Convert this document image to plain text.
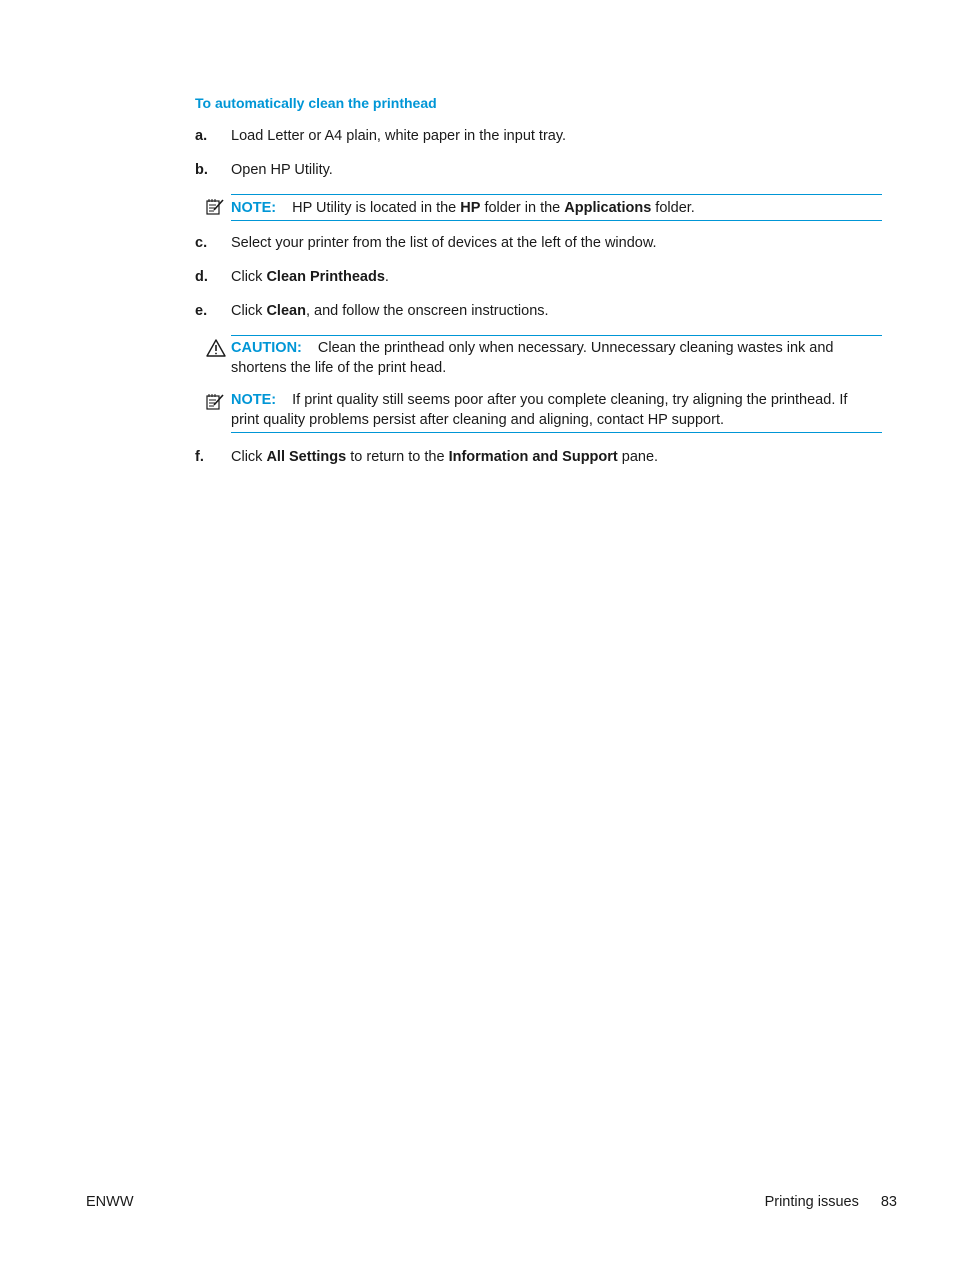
To automatically clean the printhead
a. Load Letter or A4 plain, white paper in the input tray.
b. Open HP Utility.
NOTE: HP Utility is located in the HP folder in the Applications folder.
c. Select your printer from the list of devices at the left of the window.
d. Click Clean Printheads.
e. Click Clean, and follow the onscreen instructions.
CAUTION: Clean the printhead only when necessary. Unnecessary cleaning wastes ink and
shortens the life of the print head.
NOTE: If print quality still seems poor after you complete cleaning, try aligning the printhead. If
print quality problems persist after cleaning and aligning, contact HP support.
f. Click All Settings to return to the Information and Support pane.
ENWW	Printing issues 83
